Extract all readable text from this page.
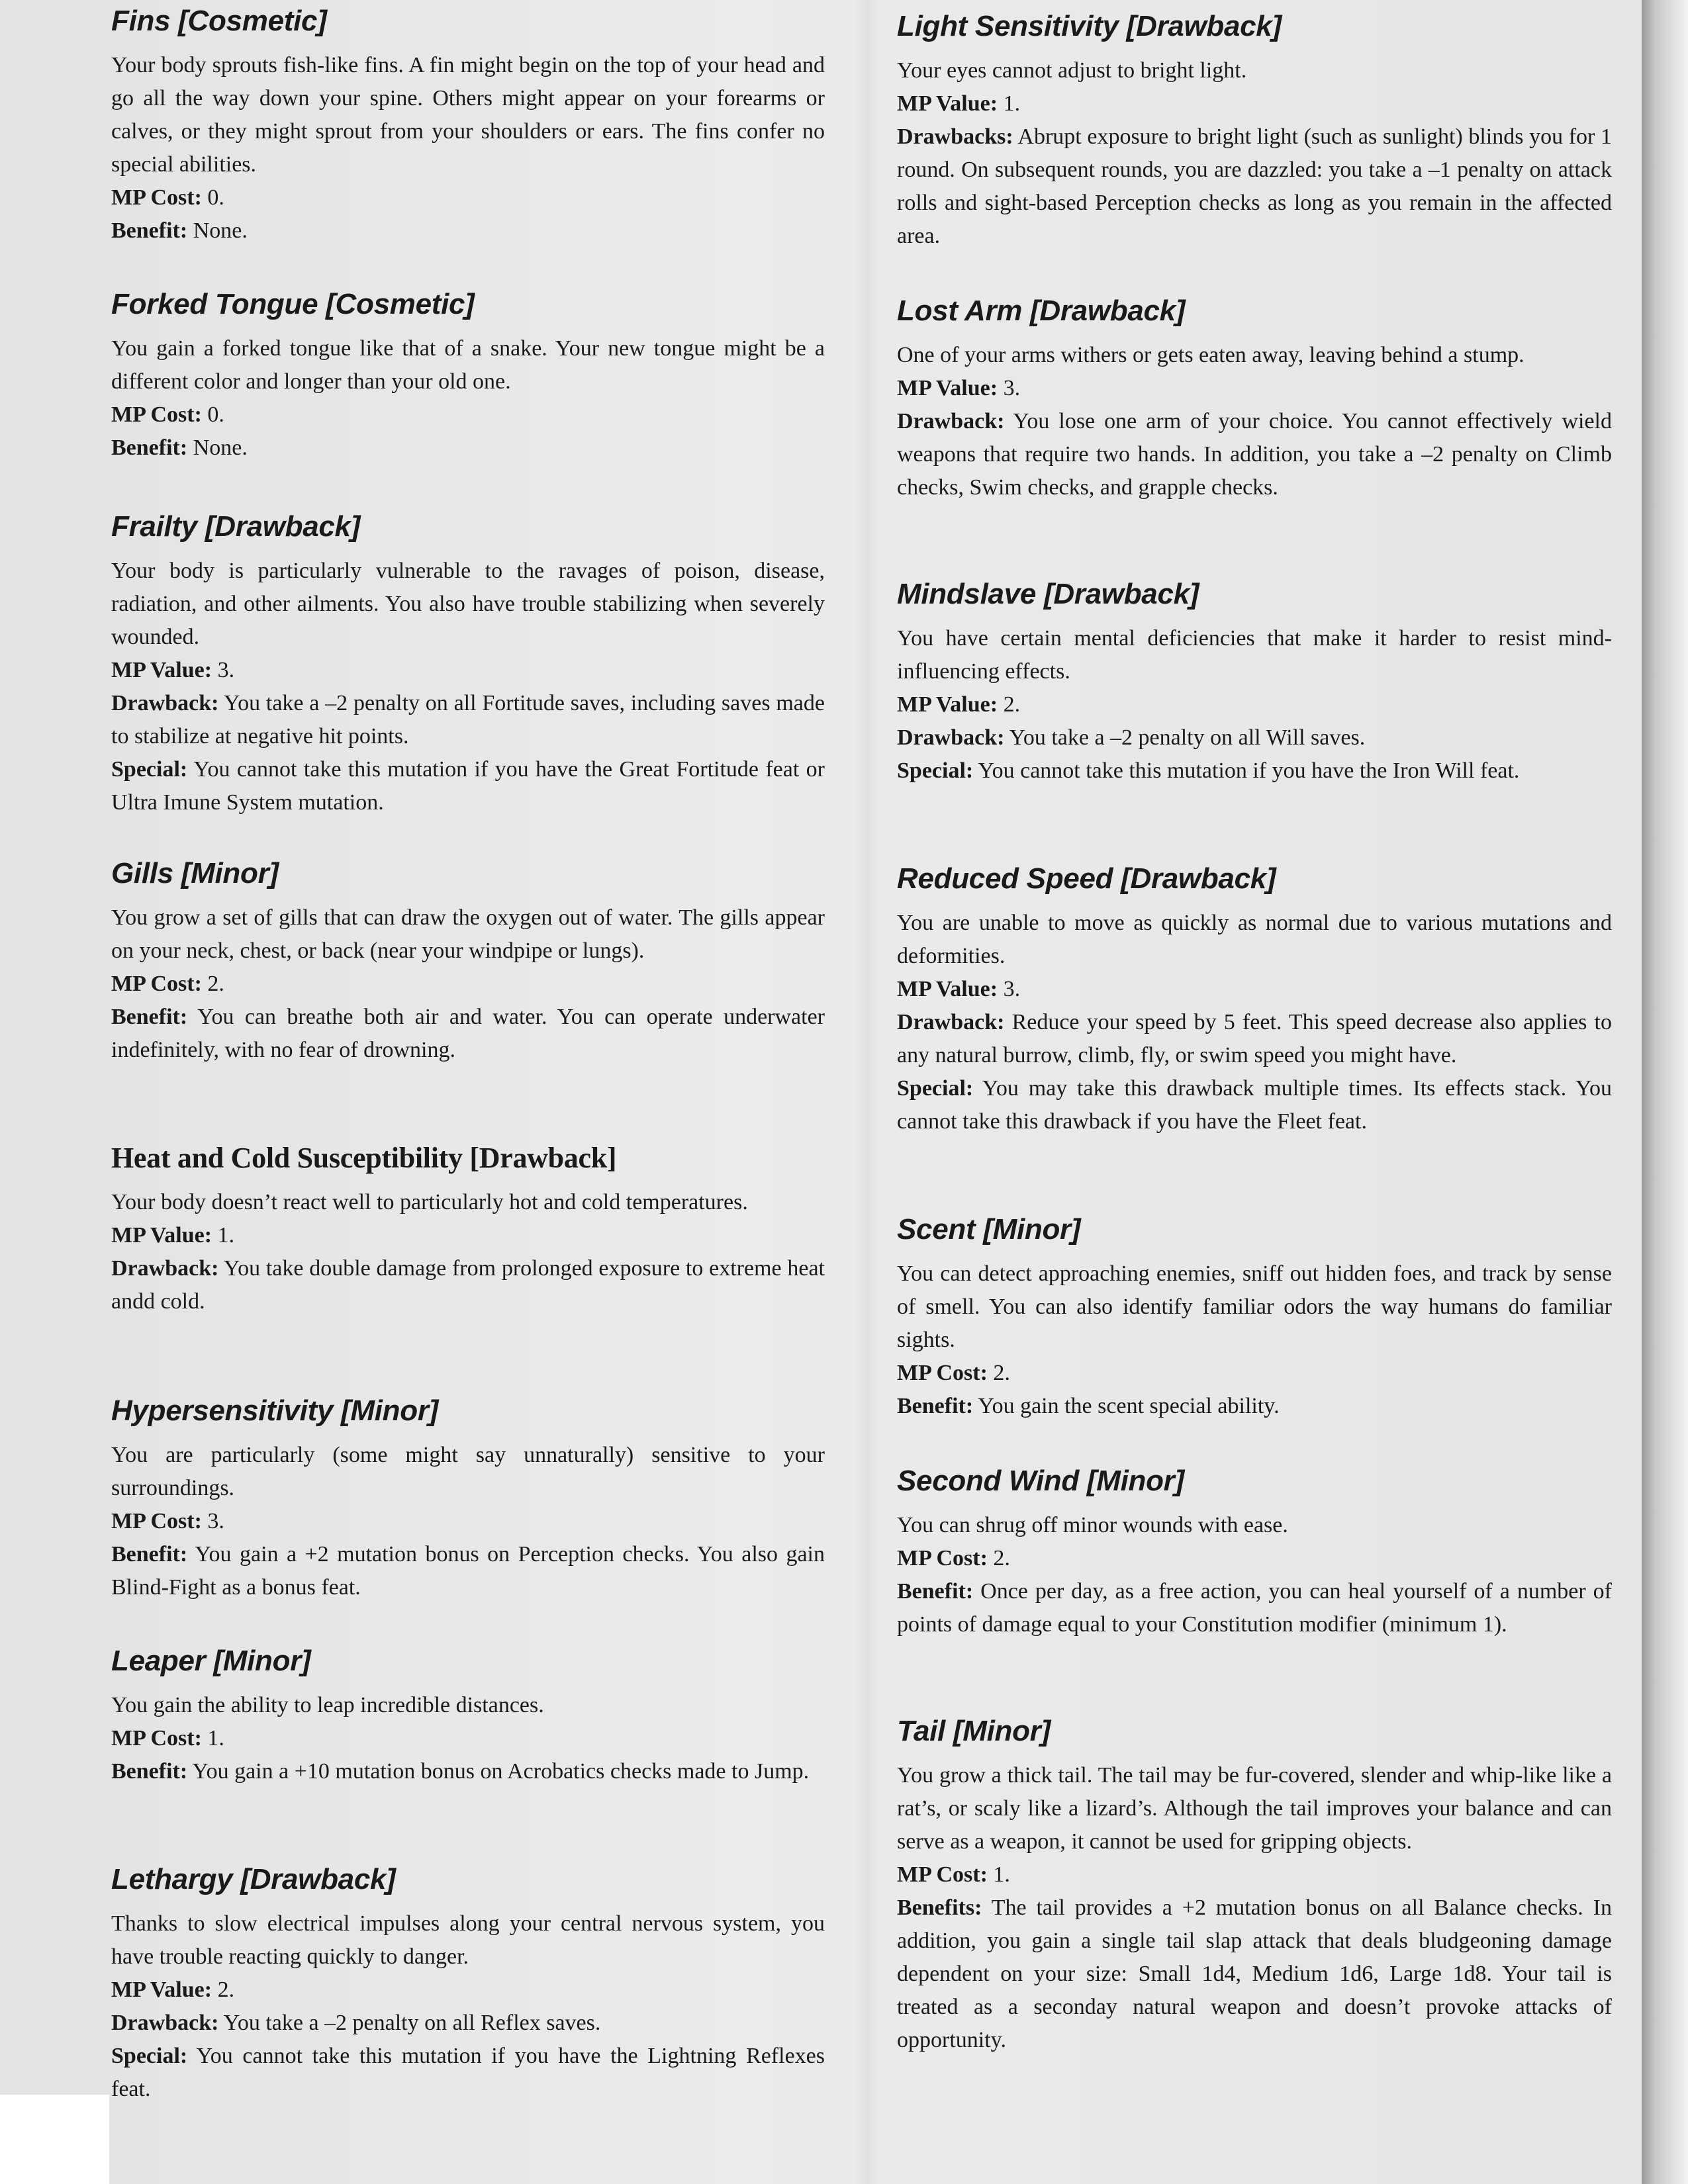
Fins [Cosmetic]

Your body sprouts fish-like fins. A fin might begin on the top of your head and go all the way down your spine. Others might appear on your forearms or calves, or they might sprout from your shoulders or ears. The fins confer no special abilities.

MP Cost: 0.

Benefit: None.

Forked Tongue [Cosmetic]

You gain a forked tongue like that of a snake. Your new tongue might be a different color and longer than your old one.

MP Cost: 0.

Benefit: None.

Frailty [Drawback]

Your body is particularly vulnerable to the ravages of poison, disease, radiation, and other ailments. You also have trouble stabilizing when severely wounded.

MP Value: 3.

Drawback: You take a –2 penalty on all Fortitude saves, including saves made to stabilize at negative hit points.

Special: You cannot take this mutation if you have the Great Fortitude feat or Ultra Imune System mutation.

Gills [Minor]

You grow a set of gills that can draw the oxygen out of water. The gills appear on your neck, chest, or back (near your windpipe or lungs).

MP Cost: 2.

Benefit: You can breathe both air and water. You can operate underwater indefinitely, with no fear of drowning.

Heat and Cold Susceptibility [Drawback]

Your body doesn’t react well to particularly hot and cold temperatures.

MP Value: 1.

Drawback: You take double damage from prolonged exposure to extreme heat andd cold.

Hypersensitivity [Minor]

You are particularly (some might say unnaturally) sensitive to your surroundings.

MP Cost: 3.

Benefit: You gain a +2 mutation bonus on Perception checks. You also gain Blind-Fight as a bonus feat.

Leaper [Minor]

You gain the ability to leap incredible distances.

MP Cost: 1.

Benefit: You gain a +10 mutation bonus on Acrobatics checks made to Jump.

Lethargy [Drawback]

Thanks to slow electrical impulses along your central nervous system, you have trouble reacting quickly to danger.

MP Value: 2.

Drawback: You take a –2 penalty on all Reflex saves.

Special: You cannot take this mutation if you have the Lightning Reflexes feat.

Light Sensitivity [Drawback]

Your eyes cannot adjust to bright light.

MP Value: 1.

Drawbacks: Abrupt exposure to bright light (such as sunlight) blinds you for 1 round. On subsequent rounds, you are dazzled: you take a –1 penalty on attack rolls and sight-based Perception checks as long as you remain in the affected area.

Lost Arm [Drawback]

One of your arms withers or gets eaten away, leaving behind a stump.

MP Value: 3.

Drawback: You lose one arm of your choice. You cannot effectively wield weapons that require two hands. In addition, you take a –2 penalty on Climb checks, Swim checks, and grapple checks.

Mindslave [Drawback]

You have certain mental deficiencies that make it harder to resist mind-influencing effects.

MP Value: 2.

Drawback: You take a –2 penalty on all Will saves.

Special: You cannot take this mutation if you have the Iron Will feat.

Reduced Speed [Drawback]

You are unable to move as quickly as normal due to various mutations and deformities.

MP Value: 3.

Drawback: Reduce your speed by 5 feet. This speed decrease also applies to any natural burrow, climb, fly, or swim speed you might have.

Special: You may take this drawback multiple times. Its effects stack. You cannot take this drawback if you have the Fleet feat.

Scent [Minor]

You can detect approaching enemies, sniff out hidden foes, and track by sense of smell. You can also identify familiar odors the way humans do familiar sights.

MP Cost: 2.

Benefit: You gain the scent special ability.

Second Wind [Minor]

You can shrug off minor wounds with ease.

MP Cost: 2.

Benefit: Once per day, as a free action, you can heal yourself of a number of points of damage equal to your Constitution modifier (minimum 1).

Tail [Minor]

You grow a thick tail. The tail may be fur-covered, slender and whip-like like a rat’s, or scaly like a lizard’s. Although the tail improves your balance and can serve as a weapon, it cannot be used for gripping objects.

MP Cost: 1.

Benefits: The tail provides a +2 mutation bonus on all Balance checks. In addition, you gain a single tail slap attack that deals bludgeoning damage dependent on your size: Small 1d4, Medium 1d6, Large 1d8. Your tail is treated as a seconday natural weapon and doesn’t provoke attacks of opportunity.
